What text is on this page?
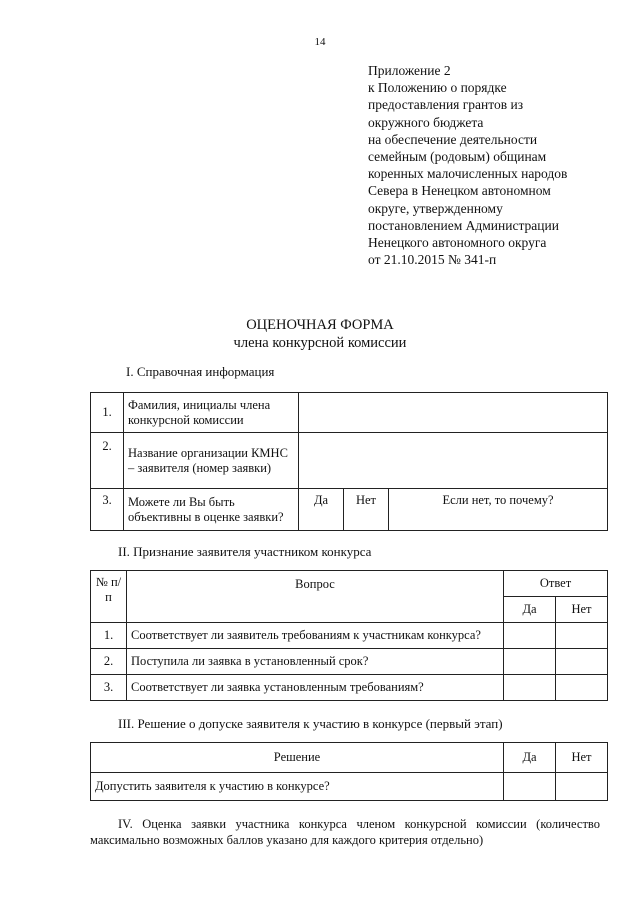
14
Приложение 2
к Положению о порядке
предоставления грантов из
окружного бюджета
на обеспечение деятельности
семейным (родовым) общинам
коренных малочисленных народов
Севера в Ненецком автономном
округе, утвержденному
постановлением Администрации
Ненецкого автономного округа
от 21.10.2015 № 341-п
ОЦЕНОЧНАЯ ФОРМА
члена конкурсной комиссии
I. Справочная информация
1.	Фамилия, инициалы члена конкурсной комиссии			
2.	Название организации КМНС – заявителя (номер заявки)			
3.	Можете ли Вы быть объективны в оценке заявки?	Да	Нет	Если нет, то почему?
II. Признание заявителя участником конкурса
№ п/п	Вопрос	Ответ	
		Да	Нет
1.	Соответствует ли заявитель требованиям к участникам конкурса?		
2.	Поступила ли заявка в установленный срок?		
3.	Соответствует ли заявка установленным требованиям?		
III. Решение о допуске заявителя к участию в конкурсе (первый этап)
Решение	Да	Нет
Допустить заявителя к участию в конкурсе?		
IV. Оценка заявки участника конкурса членом конкурсной комиссии (количество
максимально возможных баллов указано для каждого критерия отдельно)
